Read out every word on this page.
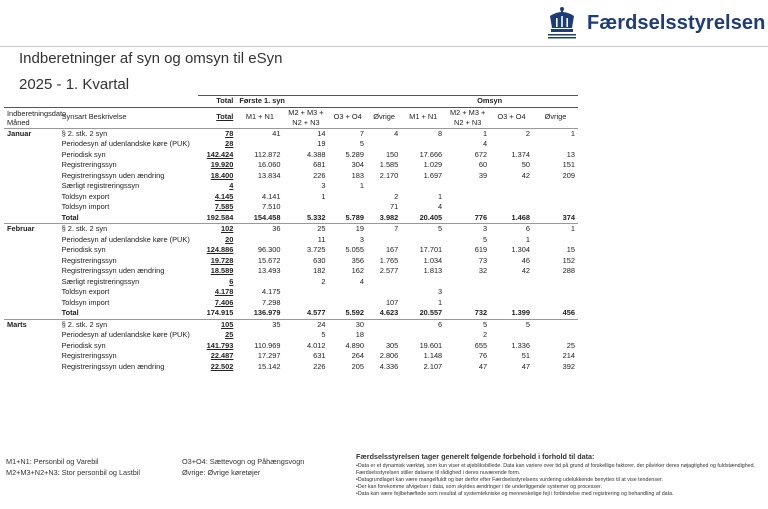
Færdselsstyrelsen
Indberetninger af syn og omsyn til eSyn
2025 - 1. Kvartal
		Total	Første 1. syn				Omsyn			
Indberetningsdato
Måned	Synsart Beskrivelse	Total	M1 + N1	M2 + M3 + N2 + N3	O3 + O4	Øvrige	M1 + N1	M2 + M3 + N2 + N3	O3 + O4	Øvrige
Januar	§ 2. stk. 2 syn	78	41	14	7	4	8	1	2	1
	Periodesyn af udenlandske køre (PUK)	28		19	5			4		
	Periodisk syn	142.424	112.872	4.388	5.289	150	17.666	672	1.374	13
	Registreringssyn	19.920	16.060	681	304	1.585	1.029	60	50	151
	Registreringssyn uden ændring	18.400	13.834	226	183	2.170	1.697	39	42	209
	Særligt registreringssyn	4		3	1					
	Toldsyn export	4.145	4.141	1		2	1			
	Toldsyn import	7.585	7.510			71	4			
	Total	192.584	154.458	5.332	5.789	3.982	20.405	776	1.468	374
Februar	§ 2. stk. 2 syn	102	36	25	19	7	5	3	6	1
	Periodesyn af udenlandske køre (PUK)	20		11	3			5	1	
	Periodisk syn	124.886	96.300	3.725	5.055	167	17.701	619	1.304	15
	Registreringssyn	19.728	15.672	630	356	1.765	1.034	73	46	152
	Registreringssyn uden ændring	18.589	13.493	182	162	2.577	1.813	32	42	288
	Særligt registreringssyn	6		2	4					
	Toldsyn export	4.178	4.175				3			
	Toldsyn import	7.406	7.298			107	1			
	Total	174.915	136.979	4.577	5.592	4.623	20.557	732	1.399	456
Marts	§ 2. stk. 2 syn	105	35	24	30		6	5	5	
	Periodesyn af udenlandske køre (PUK)	25		5	18			2		
	Periodisk syn	141.793	110.969	4.012	4.890	305	19.601	655	1.336	25
	Registreringssyn	22.487	17.297	631	264	2.806	1.148	76	51	214
	Registreringssyn uden ændring	22.502	15.142	226	205	4.336	2.107	47	47	392
M1+N1: Personbil og Varebil
M2+M3+N2+N3: Stor personbil og Lastbil
O3+O4: Sættevogn og Påhængsvogn
Øvrige: Øvrige køretøjer
Færdselsstyrelsen tager generelt følgende forbehold i forhold til data:
•Data er et dynamisk værktøj, som kun viser et øjebliksbillede. Data kan variere over tid på grund af forskellige faktorer, der påvirker deres nøjagtighed og fuldstændighed. Færdselsstyrelsen stiller dataene til rådighed i deres nuværende form.
•Datagrundlaget kan være mangelfuldt og bør derfor efter Færdselsstyrelsens vurdering udelukkende benyttes til at vise tendenser.
•Der kan forekomme afvigelser i data, som skyldes ændringer i de underliggende systemer og processer.
•Data kan være fejlbehæftede som resultat af systemtekniske og menneskelige fejl i forbindelse med registrering og behandling af data.
